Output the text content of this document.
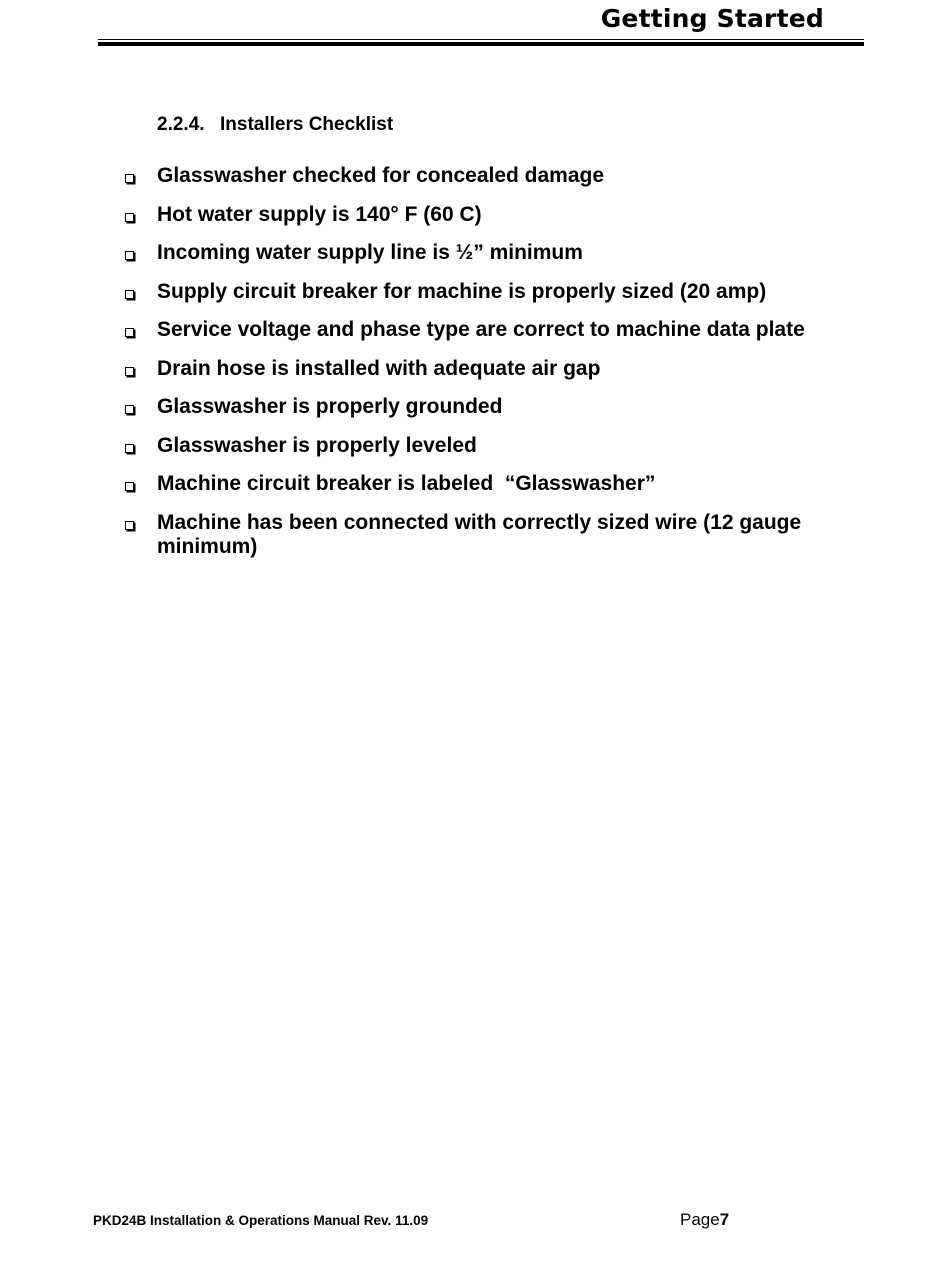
Getting Started
2.2.4. Installers Checklist
Glasswasher checked for concealed damage
Hot water supply is 140° F (60 C)
Incoming water supply line is ½” minimum
Supply circuit breaker for machine is properly sized (20 amp)
Service voltage and phase type are correct to machine data plate
Drain hose is installed with adequate air gap
Glasswasher is properly grounded
Glasswasher is properly leveled
Machine circuit breaker is labeled  “Glasswasher”
Machine has been connected with correctly sized wire (12 gauge minimum)
PKD24B Installation & Operations Manual Rev. 11.09	Page7
